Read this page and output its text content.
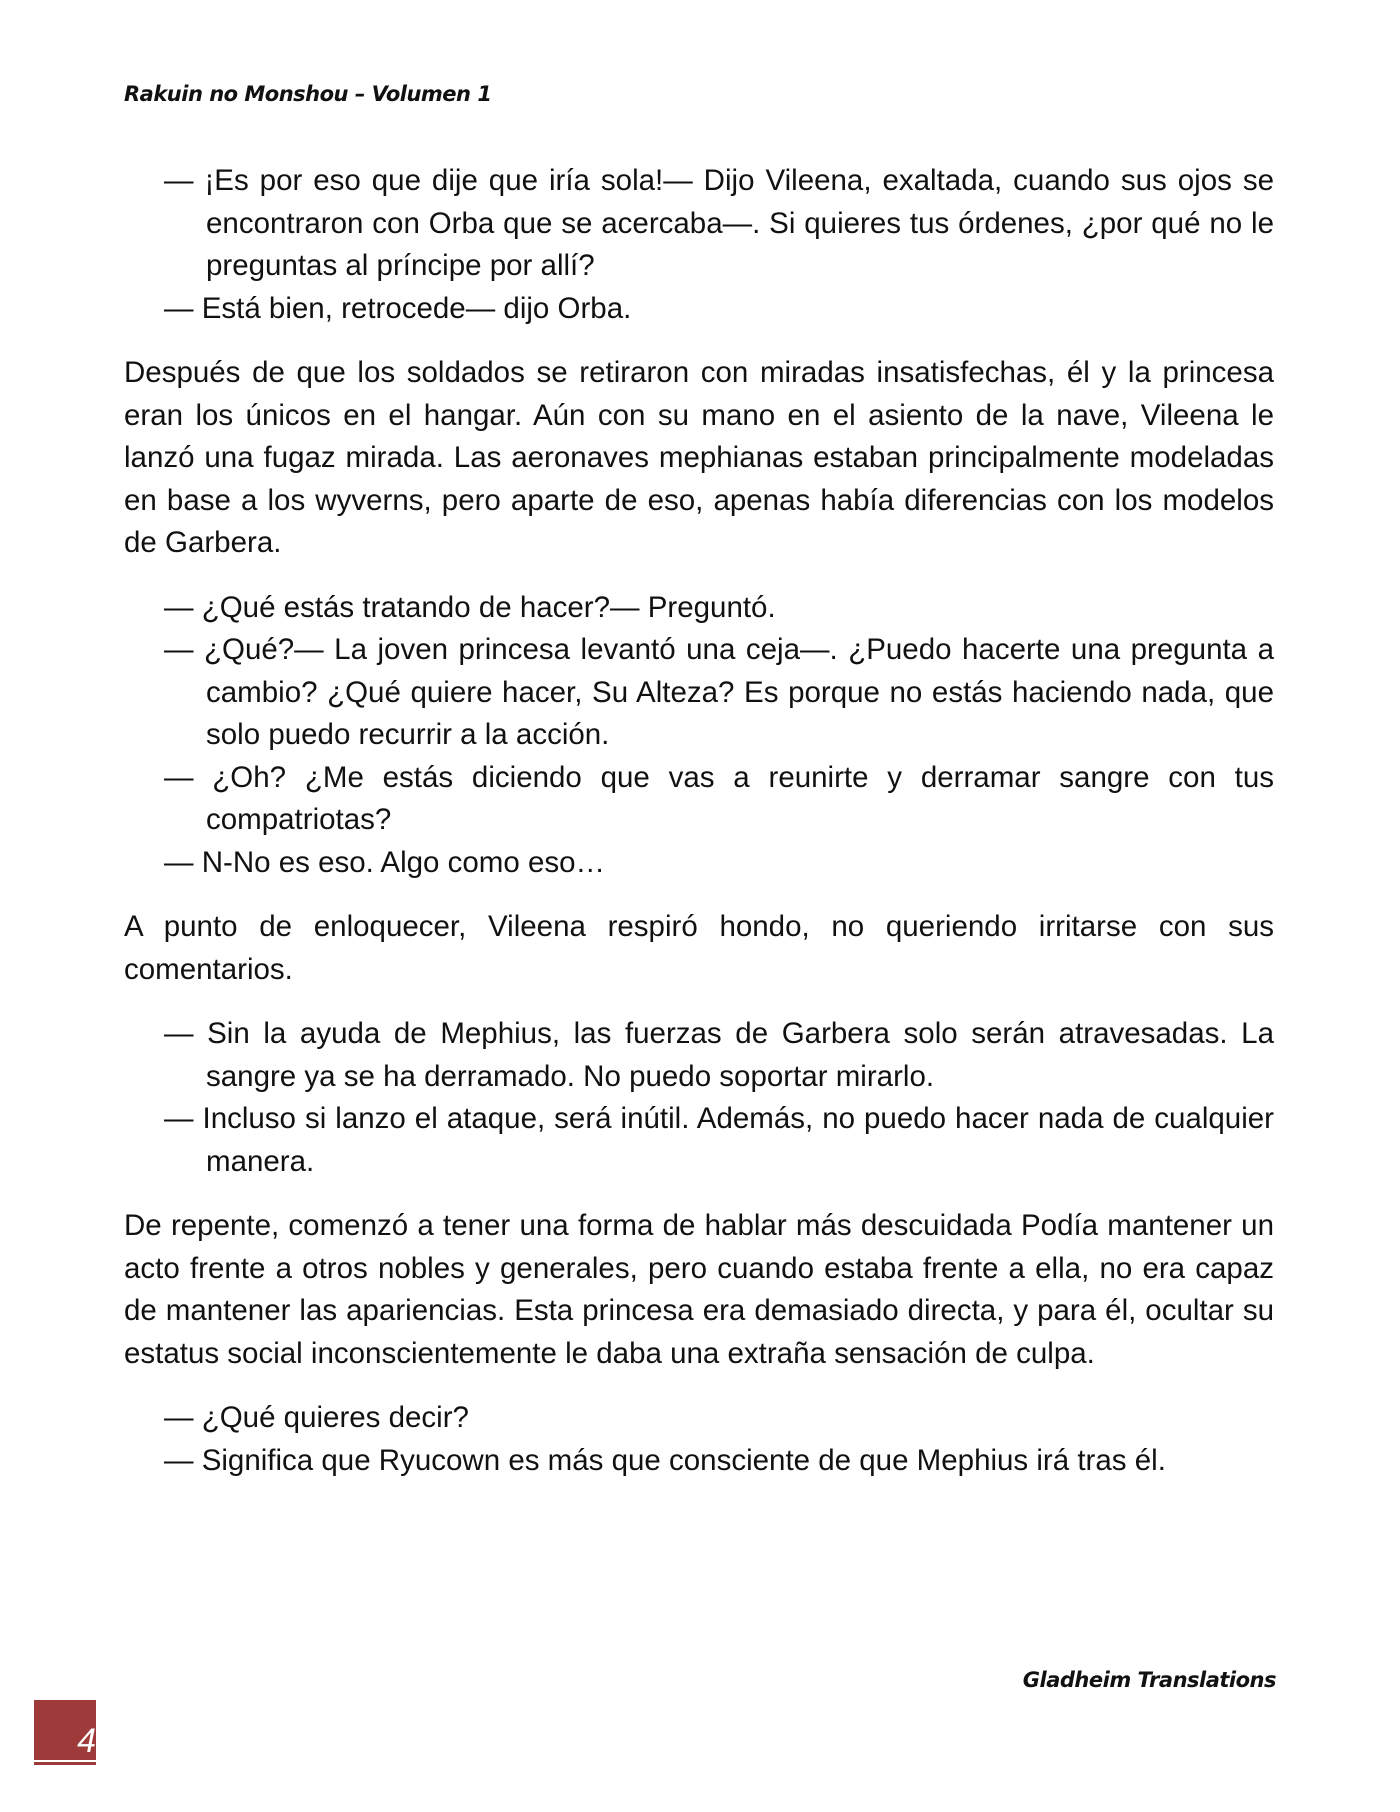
Rakuin no Monshou – Volumen 1
— ¡Es por eso que dije que iría sola!— Dijo Vileena, exaltada, cuando sus ojos se encontraron con Orba que se acercaba—. Si quieres tus órdenes, ¿por qué no le preguntas al príncipe por allí?
— Está bien, retrocede— dijo Orba.
Después de que los soldados se retiraron con miradas insatisfechas, él y la princesa eran los únicos en el hangar. Aún con su mano en el asiento de la nave, Vileena le lanzó una fugaz mirada. Las aeronaves mephianas estaban principalmente modeladas en base a los wyverns, pero aparte de eso, apenas había diferencias con los modelos de Garbera.
— ¿Qué estás tratando de hacer?— Preguntó.
— ¿Qué?— La joven princesa levantó una ceja—. ¿Puedo hacerte una pregunta a cambio? ¿Qué quiere hacer, Su Alteza? Es porque no estás haciendo nada, que solo puedo recurrir a la acción.
— ¿Oh? ¿Me estás diciendo que vas a reunirte y derramar sangre con tus compatriotas?
— N-No es eso. Algo como eso…
A punto de enloquecer, Vileena respiró hondo, no queriendo irritarse con sus comentarios.
— Sin la ayuda de Mephius, las fuerzas de Garbera solo serán atravesadas. La sangre ya se ha derramado. No puedo soportar mirarlo.
— Incluso si lanzo el ataque, será inútil. Además, no puedo hacer nada de cualquier manera.
De repente, comenzó a tener una forma de hablar más descuidada Podía mantener un acto frente a otros nobles y generales, pero cuando estaba frente a ella, no era capaz de mantener las apariencias. Esta princesa era demasiado directa, y para él, ocultar su estatus social inconscientemente le daba una extraña sensación de culpa.
— ¿Qué quieres decir?
— Significa que Ryucown es más que consciente de que Mephius irá tras él.
Gladheim Translations
4
